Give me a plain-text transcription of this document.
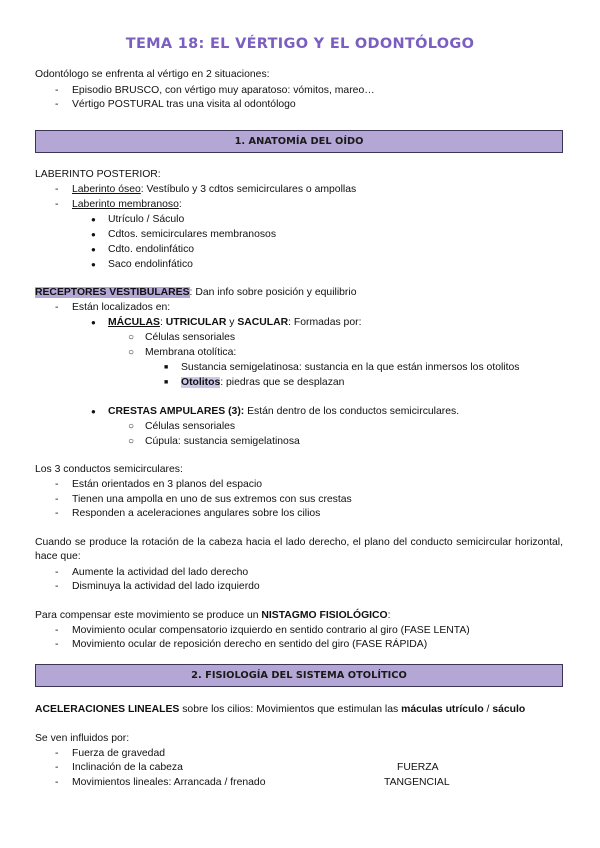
TEMA 18: EL VÉRTIGO Y EL ODONTÓLOGO
Odontólogo se enfrenta al vértigo en 2 situaciones:
- Episodio BRUSCO, con vértigo muy aparatoso: vómitos, mareo…
- Vértigo POSTURAL tras una visita al odontólogo
1. ANATOMÍA DEL OÍDO
LABERINTO POSTERIOR:
- Laberinto óseo: Vestíbulo y 3 cdtos semicirculares o ampollas
- Laberinto membranoso:
● Utrículo / Sáculo
● Cdtos. semicirculares membranosos
● Cdto. endolinfático
● Saco endolinfático
RECEPTORES VESTIBULARES: Dan info sobre posición y equilibrio
- Están localizados en:
● MÁCULAS: UTRICULAR y SACULAR: Formadas por:
○ Células sensoriales
○ Membrana otolítica:
■ Sustancia semigelatinosa: sustancia en la que están inmersos los otolitos
■ Otolitos: piedras que se desplazan
● CRESTAS AMPULARES (3): Están dentro de los conductos semicirculares.
○ Células sensoriales
○ Cúpula: sustancia semigelatinosa
Los 3 conductos semicirculares:
- Están orientados en 3 planos del espacio
- Tienen una ampolla en uno de sus extremos con sus crestas
- Responden a aceleraciones angulares sobre los cilios
Cuando se produce la rotación de la cabeza hacia el lado derecho, el plano del conducto semicircular horizontal, hace que:
- Aumente la actividad del lado derecho
- Disminuya la actividad del lado izquierdo
Para compensar este movimiento se produce un NISTAGMO FISIOLÓGICO:
- Movimiento ocular compensatorio izquierdo en sentido contrario al giro (FASE LENTA)
- Movimiento ocular de reposición derecho en sentido del giro (FASE RÁPIDA)
2. FISIOLOGÍA DEL SISTEMA OTOLÍTICO
ACELERACIONES LINEALES sobre los cilios: Movimientos que estimulan las máculas utrículo / sáculo
Se ven influidos por:
- Fuerza de gravedad
- Inclinación de la cabeza
- Movimientos lineales: Arrancada / frenado
FUERZA
TANGENCIAL
